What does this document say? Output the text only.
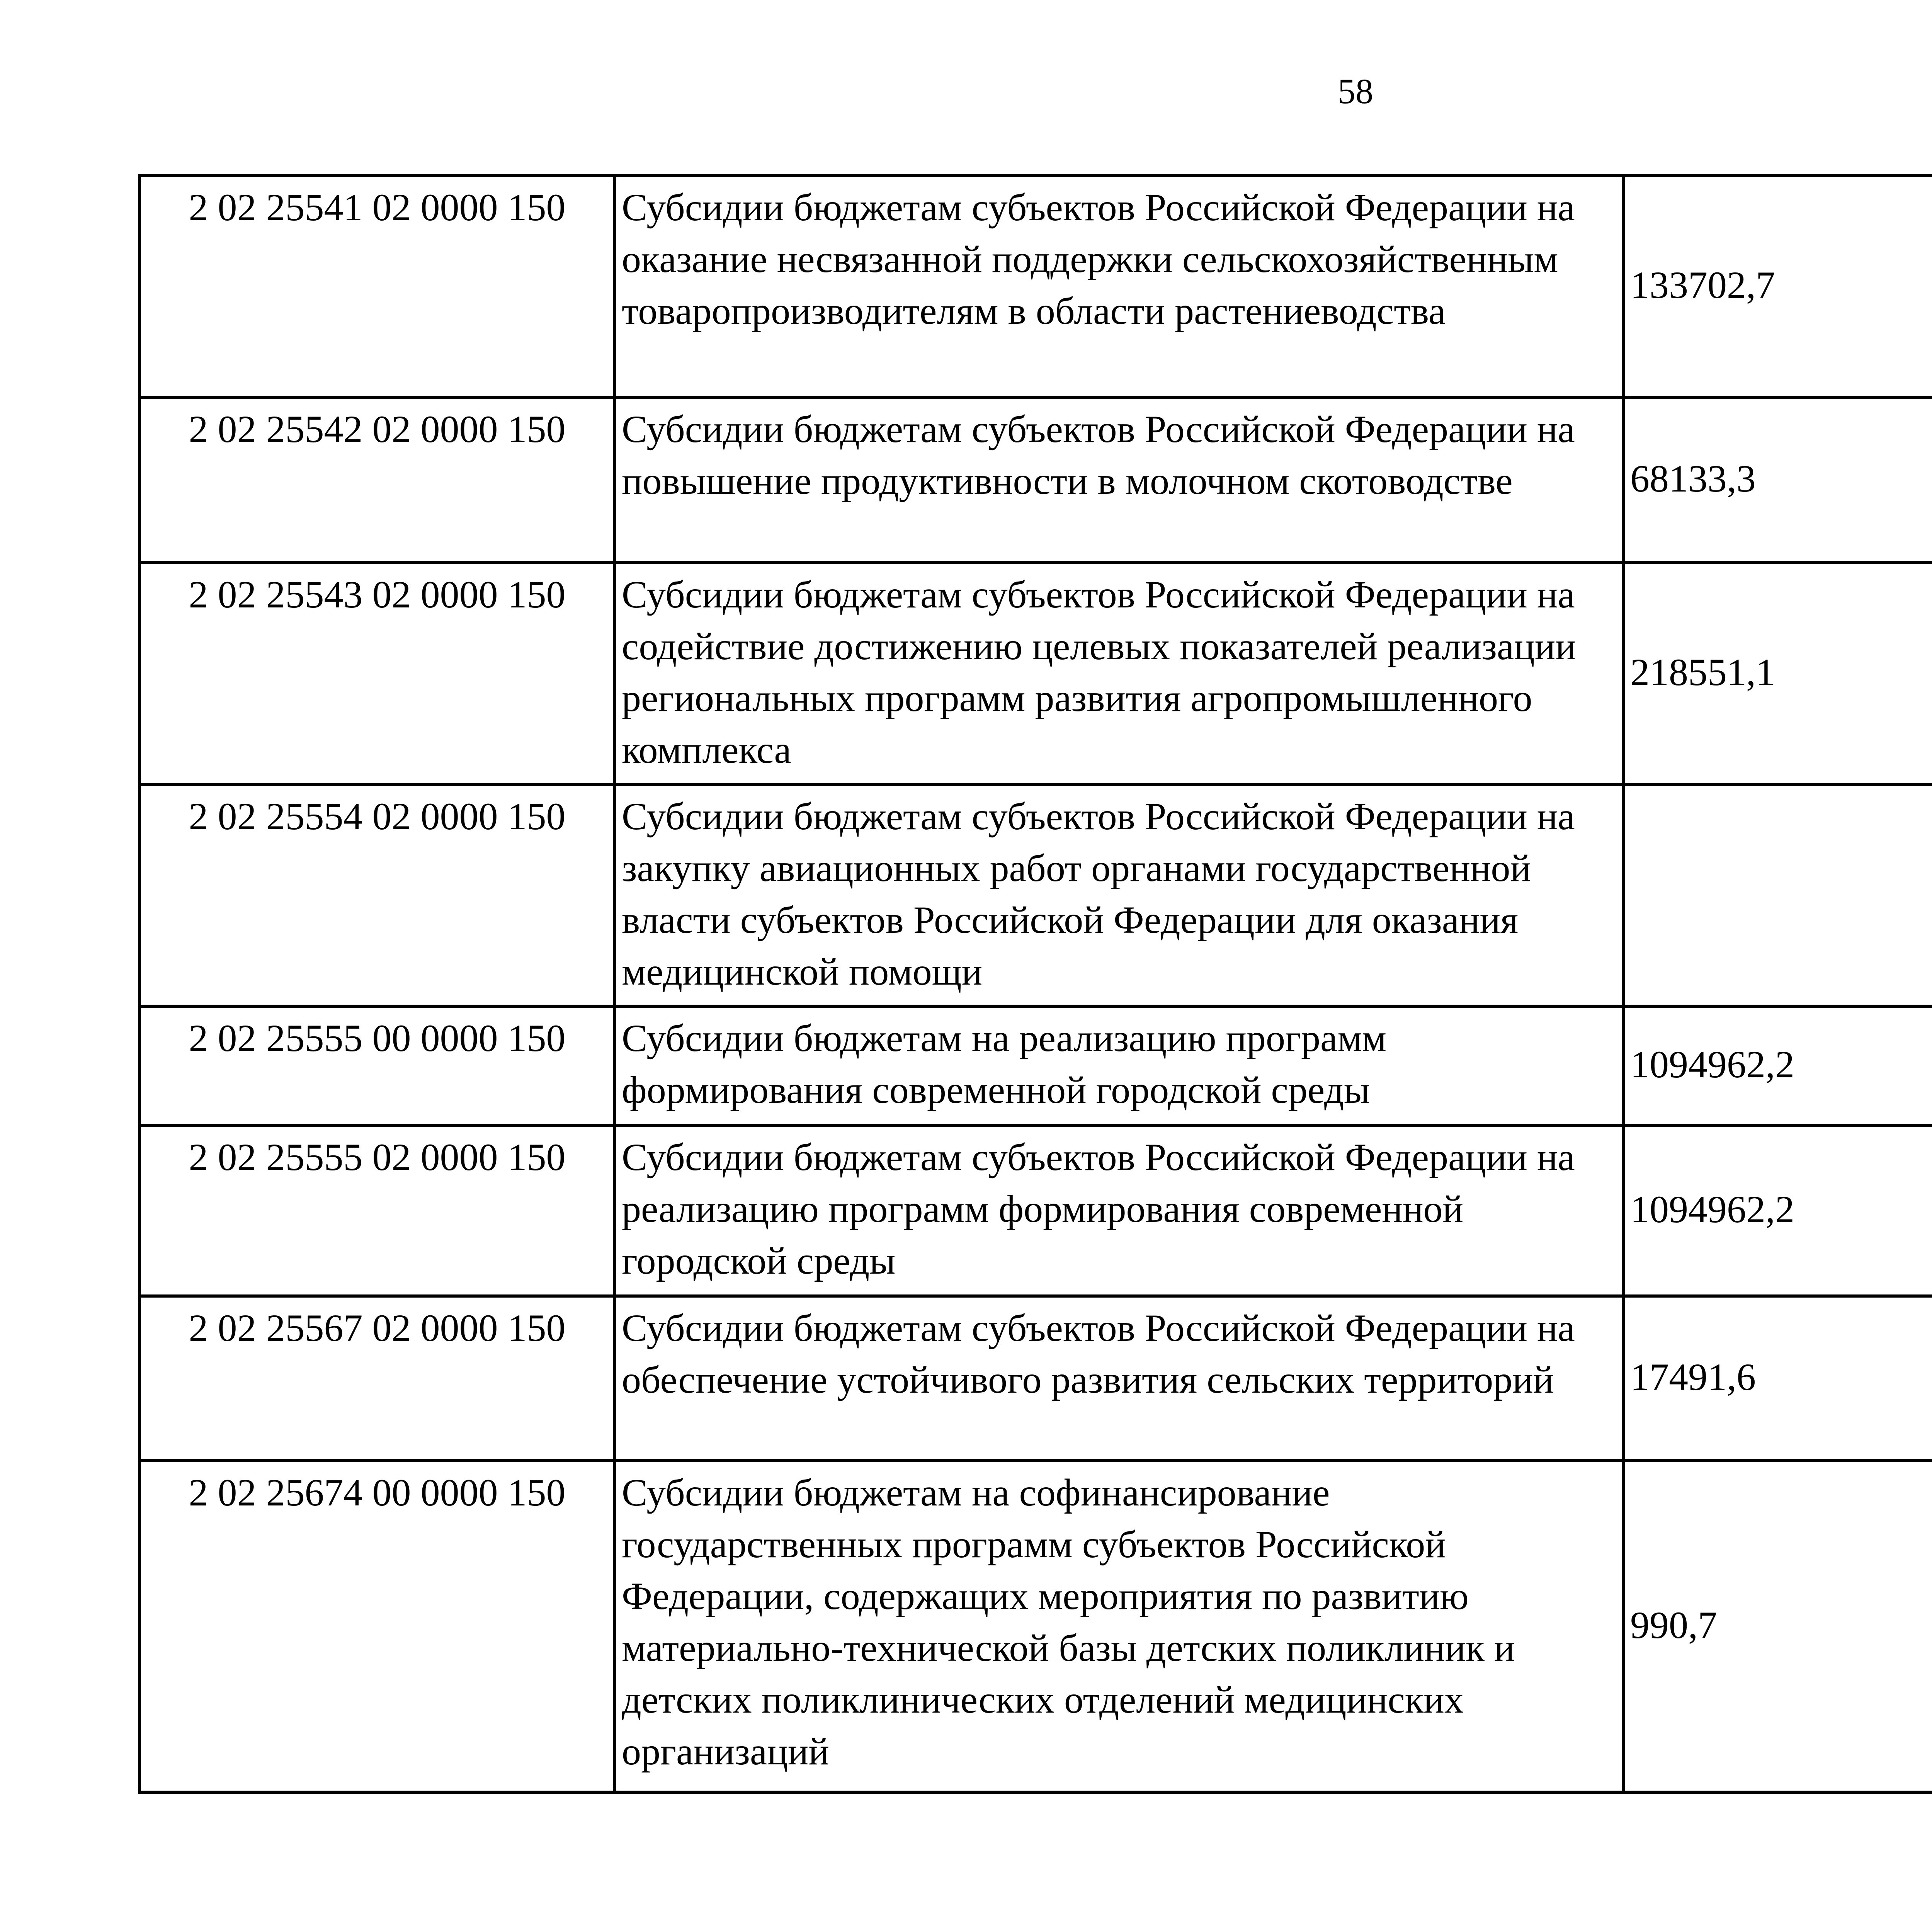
58
2 02 25541 02 0000 150	Субсидии бюджетам субъектов Российской Федерации на оказание несвязанной поддержки сельскохозяйственным товаропроизводителям в области растениеводства	133702,7		
2 02 25542 02 0000 150	Субсидии бюджетам субъектов Российской Федерации на повышение продуктивности в молочном скотоводстве	68133,3		
2 02 25543 02 0000 150	Субсидии бюджетам субъектов Российской Федерации на содействие достижению целевых показателей реализации региональных программ развития агропромышленного комплекса	218551,1		
2 02 25554 02 0000 150	Субсидии бюджетам субъектов Российской Федерации на закупку авиационных работ органами государственной власти субъектов Российской Федерации для оказания медицинской помощи			
2 02 25555 00 0000 150	Субсидии бюджетам на реализацию программ формирования современной городской среды	1094962,2		
2 02 25555 02 0000 150	Субсидии бюджетам субъектов Российской Федерации на реализацию программ формирования современной городской среды	1094962,2		
2 02 25567 02 0000 150	Субсидии бюджетам субъектов Российской Федерации на обеспечение устойчивого развития сельских территорий	17491,6		
2 02 25674 00 0000 150	Субсидии бюджетам на софинансирование государственных программ субъектов Российской Федерации, содержащих мероприятия по развитию материально-технической базы детских поликлиник и детских поликлинических отделений медицинских организаций	990,7		
